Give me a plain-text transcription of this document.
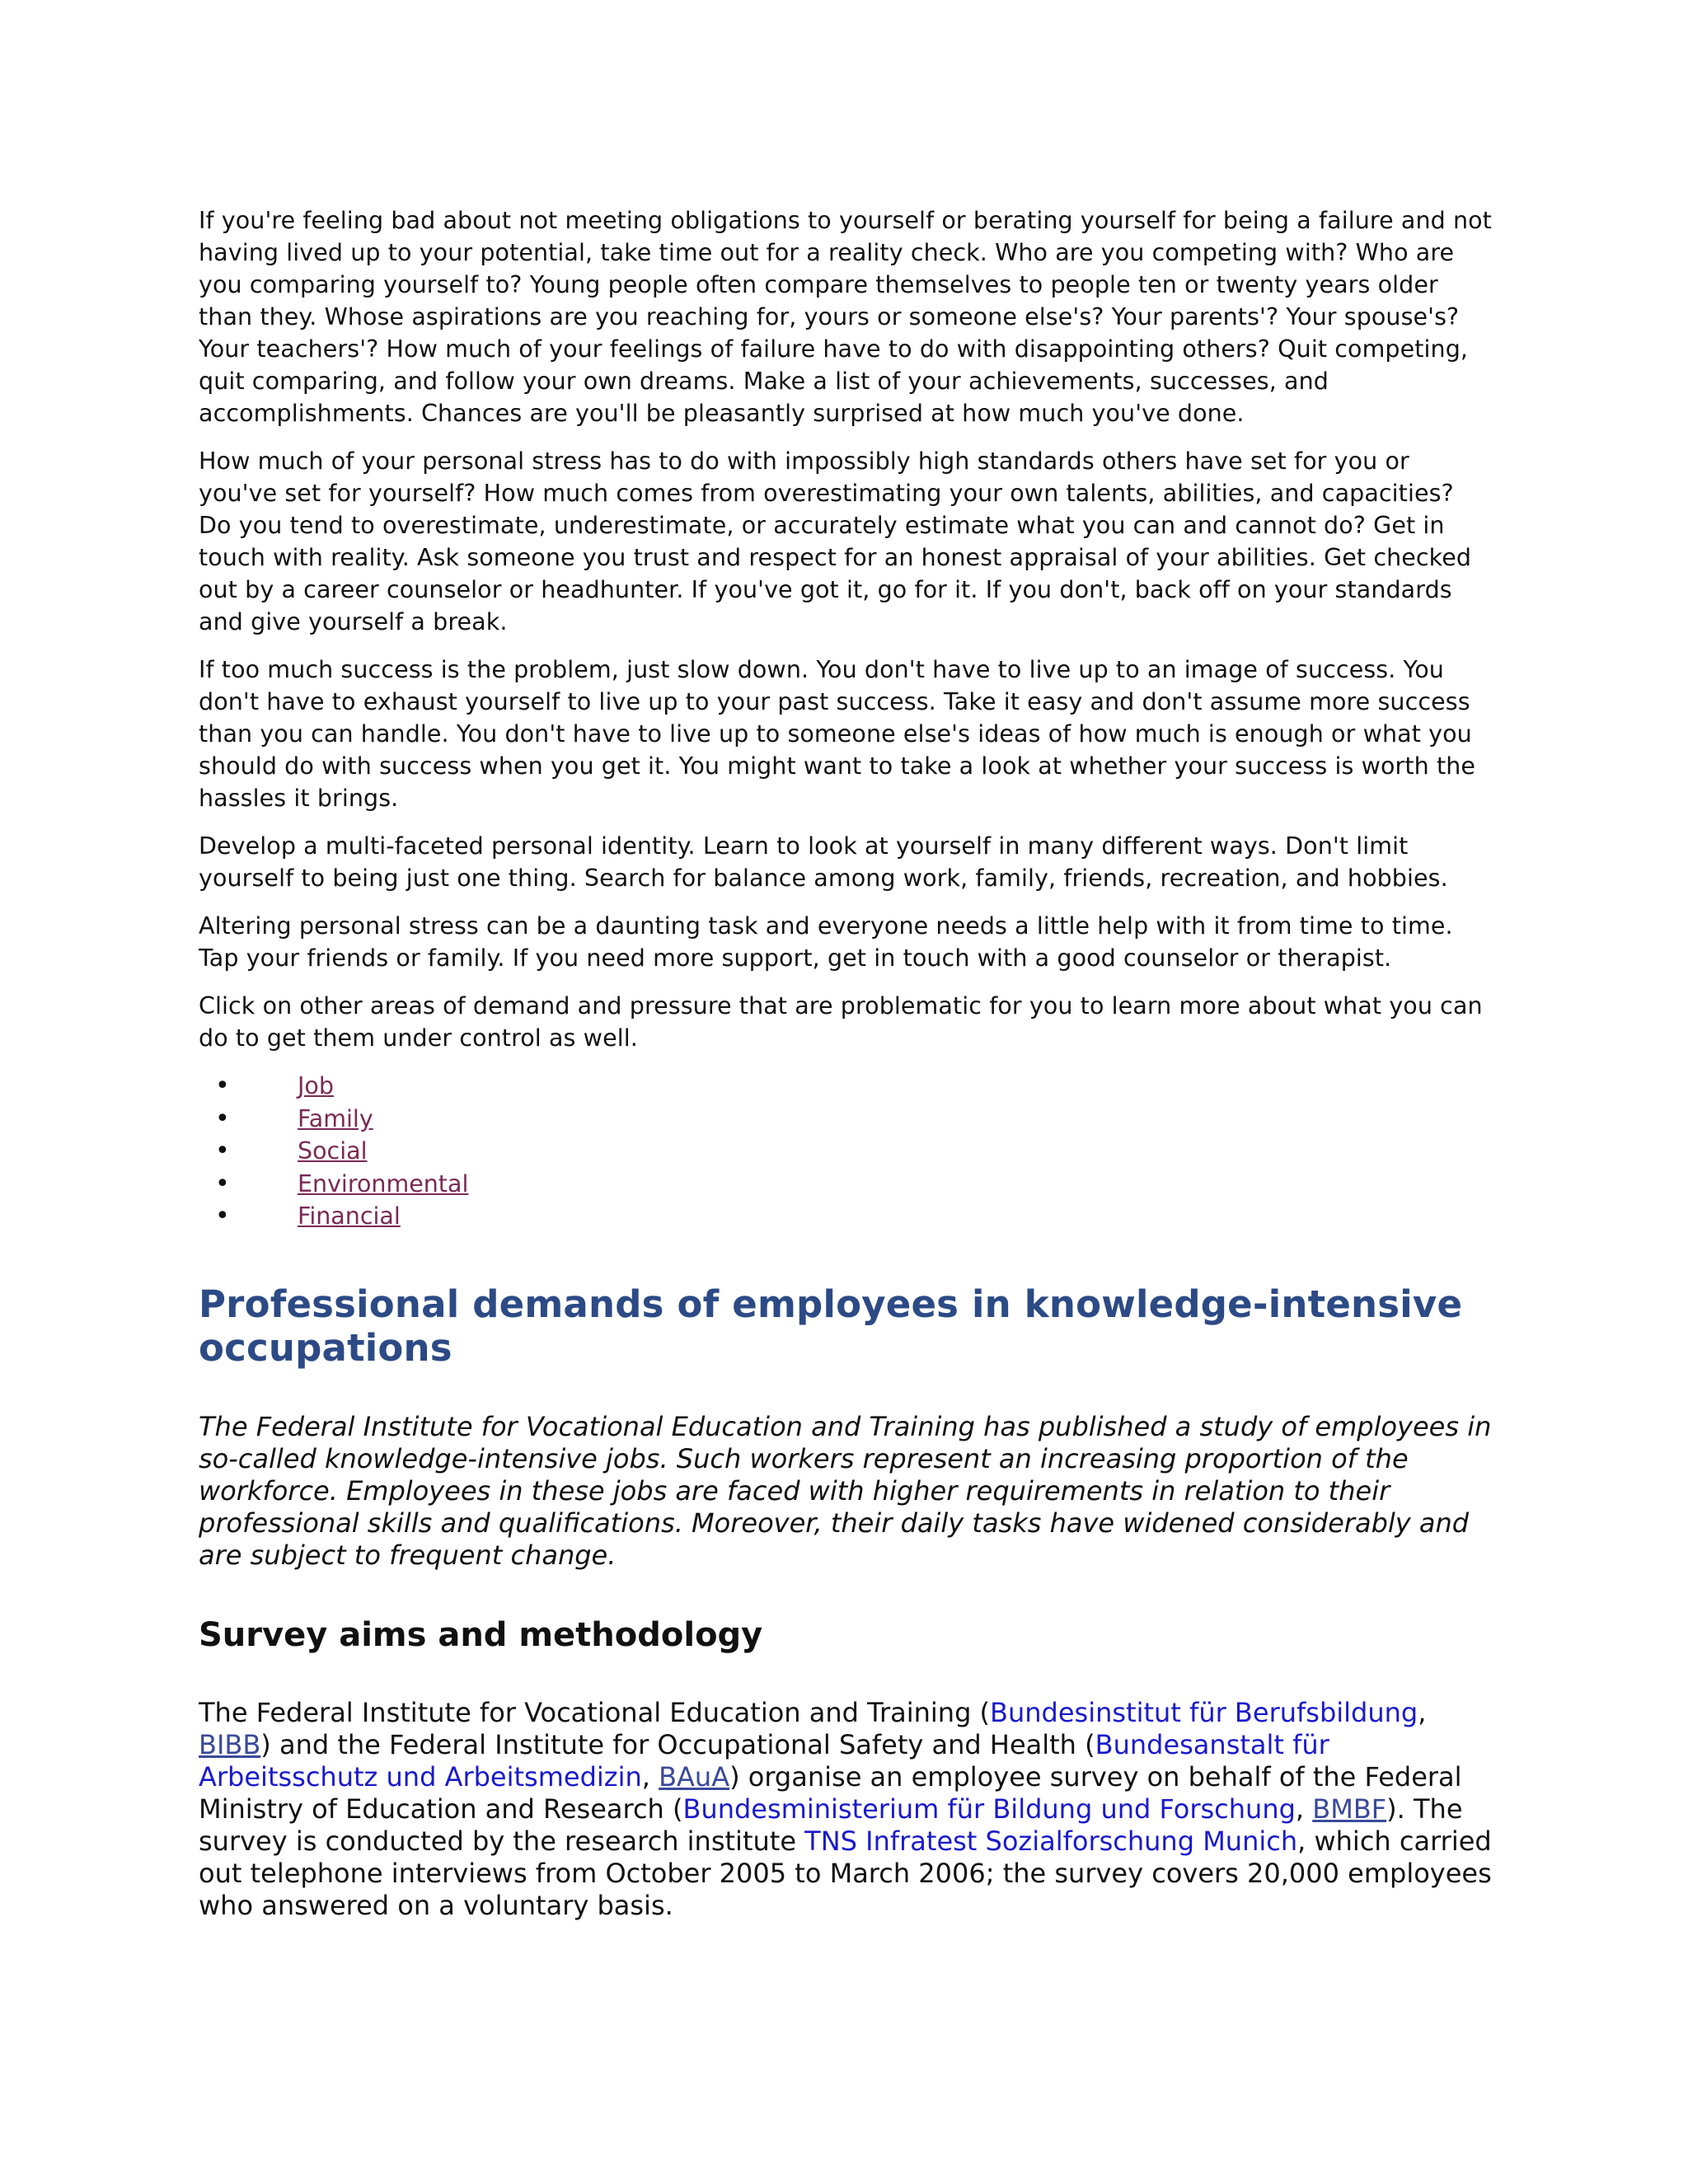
If you're feeling bad about not meeting obligations to yourself or berating yourself for being a failure and not having lived up to your potential, take time out for a reality check. Who are you competing with? Who are you comparing yourself to? Young people often compare themselves to people ten or twenty years older than they. Whose aspirations are you reaching for, yours or someone else's? Your parents'? Your spouse's? Your teachers'? How much of your feelings of failure have to do with disappointing others? Quit competing, quit comparing, and follow your own dreams. Make a list of your achievements, successes, and accomplishments. Chances are you'll be pleasantly surprised at how much you've done.

How much of your personal stress has to do with impossibly high standards others have set for you or you've set for yourself? How much comes from overestimating your own talents, abilities, and capacities? Do you tend to overestimate, underestimate, or accurately estimate what you can and cannot do? Get in touch with reality. Ask someone you trust and respect for an honest appraisal of your abilities. Get checked out by a career counselor or headhunter. If you've got it, go for it. If you don't, back off on your standards and give yourself a break.

If too much success is the problem, just slow down. You don't have to live up to an image of success. You don't have to exhaust yourself to live up to your past success. Take it easy and don't assume more success than you can handle. You don't have to live up to someone else's ideas of how much is enough or what you should do with success when you get it. You might want to take a look at whether your success is worth the hassles it brings.

Develop a multi-faceted personal identity. Learn to look at yourself in many different ways. Don't limit yourself to being just one thing. Search for balance among work, family, friends, recreation, and hobbies.

Altering personal stress can be a daunting task and everyone needs a little help with it from time to time. Tap your friends or family. If you need more support, get in touch with a good counselor or therapist.

Click on other areas of demand and pressure that are problematic for you to learn more about what you can do to get them under control as well.

•	Job
•	Family
•	Social
•	Environmental
•	Financial
Professional demands of employees in knowledge-intensive occupations

The Federal Institute for Vocational Education and Training has published a study of employees in so-called knowledge-intensive jobs. Such workers represent an increasing proportion of the workforce. Employees in these jobs are faced with higher requirements in relation to their professional skills and qualifications. Moreover, their daily tasks have widened considerably and are subject to frequent change.

Survey aims and methodology

The Federal Institute for Vocational Education and Training (Bundesinstitut für Berufsbildung, BIBB) and the Federal Institute for Occupational Safety and Health (Bundesanstalt für Arbeitsschutz und Arbeitsmedizin, BAuA) organise an employee survey on behalf of the Federal Ministry of Education and Research (Bundesministerium für Bildung und Forschung, BMBF). The survey is conducted by the research institute TNS Infratest Sozialforschung Munich, which carried out telephone interviews from October 2005 to March 2006; the survey covers 20,000 employees who answered on a voluntary basis.
